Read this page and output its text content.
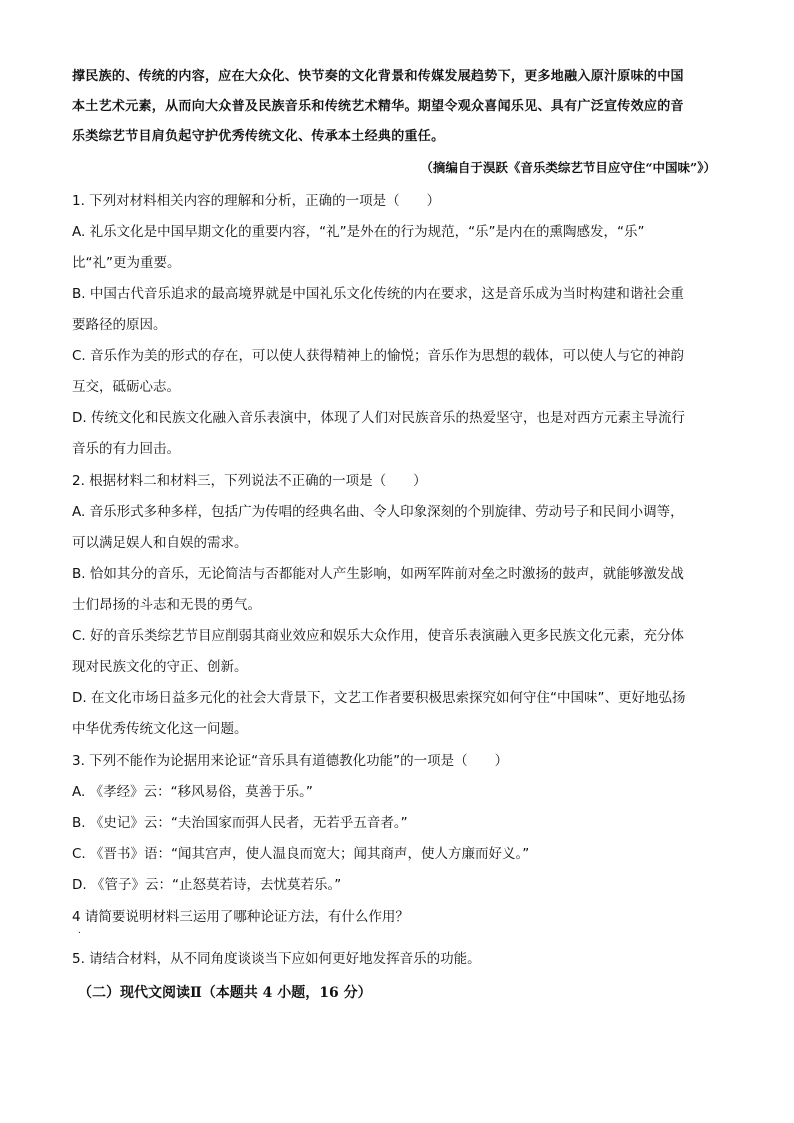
撑民族的、传统的内容，应在大众化、快节奏的文化背景和传媒发展趋势下，更多地融入原汁原味的中国

本土艺术元素，从而向大众普及民族音乐和传统艺术精华。期望令观众喜闻乐见、具有广泛宣传效应的音

乐类综艺节目肩负起守护优秀传统文化、传承本土经典的重任。

（摘编自于淏跃《音乐类综艺节目应守住“中国味”》）

1. 下列对材料相关内容的理解和分析，正确的一项是（　　）

A. 礼乐文化是中国早期文化的重要内容，“礼”是外在的行为规范，“乐”是内在的熏陶感发，“乐”

比“礼”更为重要。

B. 中国古代音乐追求的最高境界就是中国礼乐文化传统的内在要求，这是音乐成为当时构建和谐社会重

要路径的原因。

C. 音乐作为美的形式的存在，可以使人获得精神上的愉悦；音乐作为思想的载体，可以使人与它的神韵

互交，砥砺心志。

D. 传统文化和民族文化融入音乐表演中，体现了人们对民族音乐的热爱坚守，也是对西方元素主导流行

音乐的有力回击。

2. 根据材料二和材料三，下列说法不正确的一项是（　　）

A. 音乐形式多种多样，包括广为传唱的经典名曲、令人印象深刻的个别旋律、劳动号子和民间小调等，

可以满足娱人和自娱的需求。

B. 恰如其分的音乐，无论简洁与否都能对人产生影响，如两军阵前对垒之时激扬的鼓声，就能够激发战

士们昂扬的斗志和无畏的勇气。

C. 好的音乐类综艺节目应削弱其商业效应和娱乐大众作用，使音乐表演融入更多民族文化元素，充分体

现对民族文化的守正、创新。

D. 在文化市场日益多元化的社会大背景下，文艺工作者要积极思索探究如何守住“中国味”、更好地弘扬

中华优秀传统文化这一问题。

3. 下列不能作为论据用来论证“音乐具有道德教化功能”的一项是（　　）

A. 《孝经》云：“移风易俗，莫善于乐。”

B. 《史记》云：“夫治国家而弭人民者，无若乎五音者。”

C. 《晋书》语：“闻其宫声，使人温良而宽大；闻其商声，使人方廉而好义。”

D. 《管子》云：“止怒莫若诗，去忧莫若乐。”

4 请简要说明材料三运用了哪种论证方法，有什么作用？

.

5. 请结合材料，从不同角度谈谈当下应如何更好地发挥音乐的功能。

（二）现代文阅读Ⅱ（本题共 4 小题，16 分）
